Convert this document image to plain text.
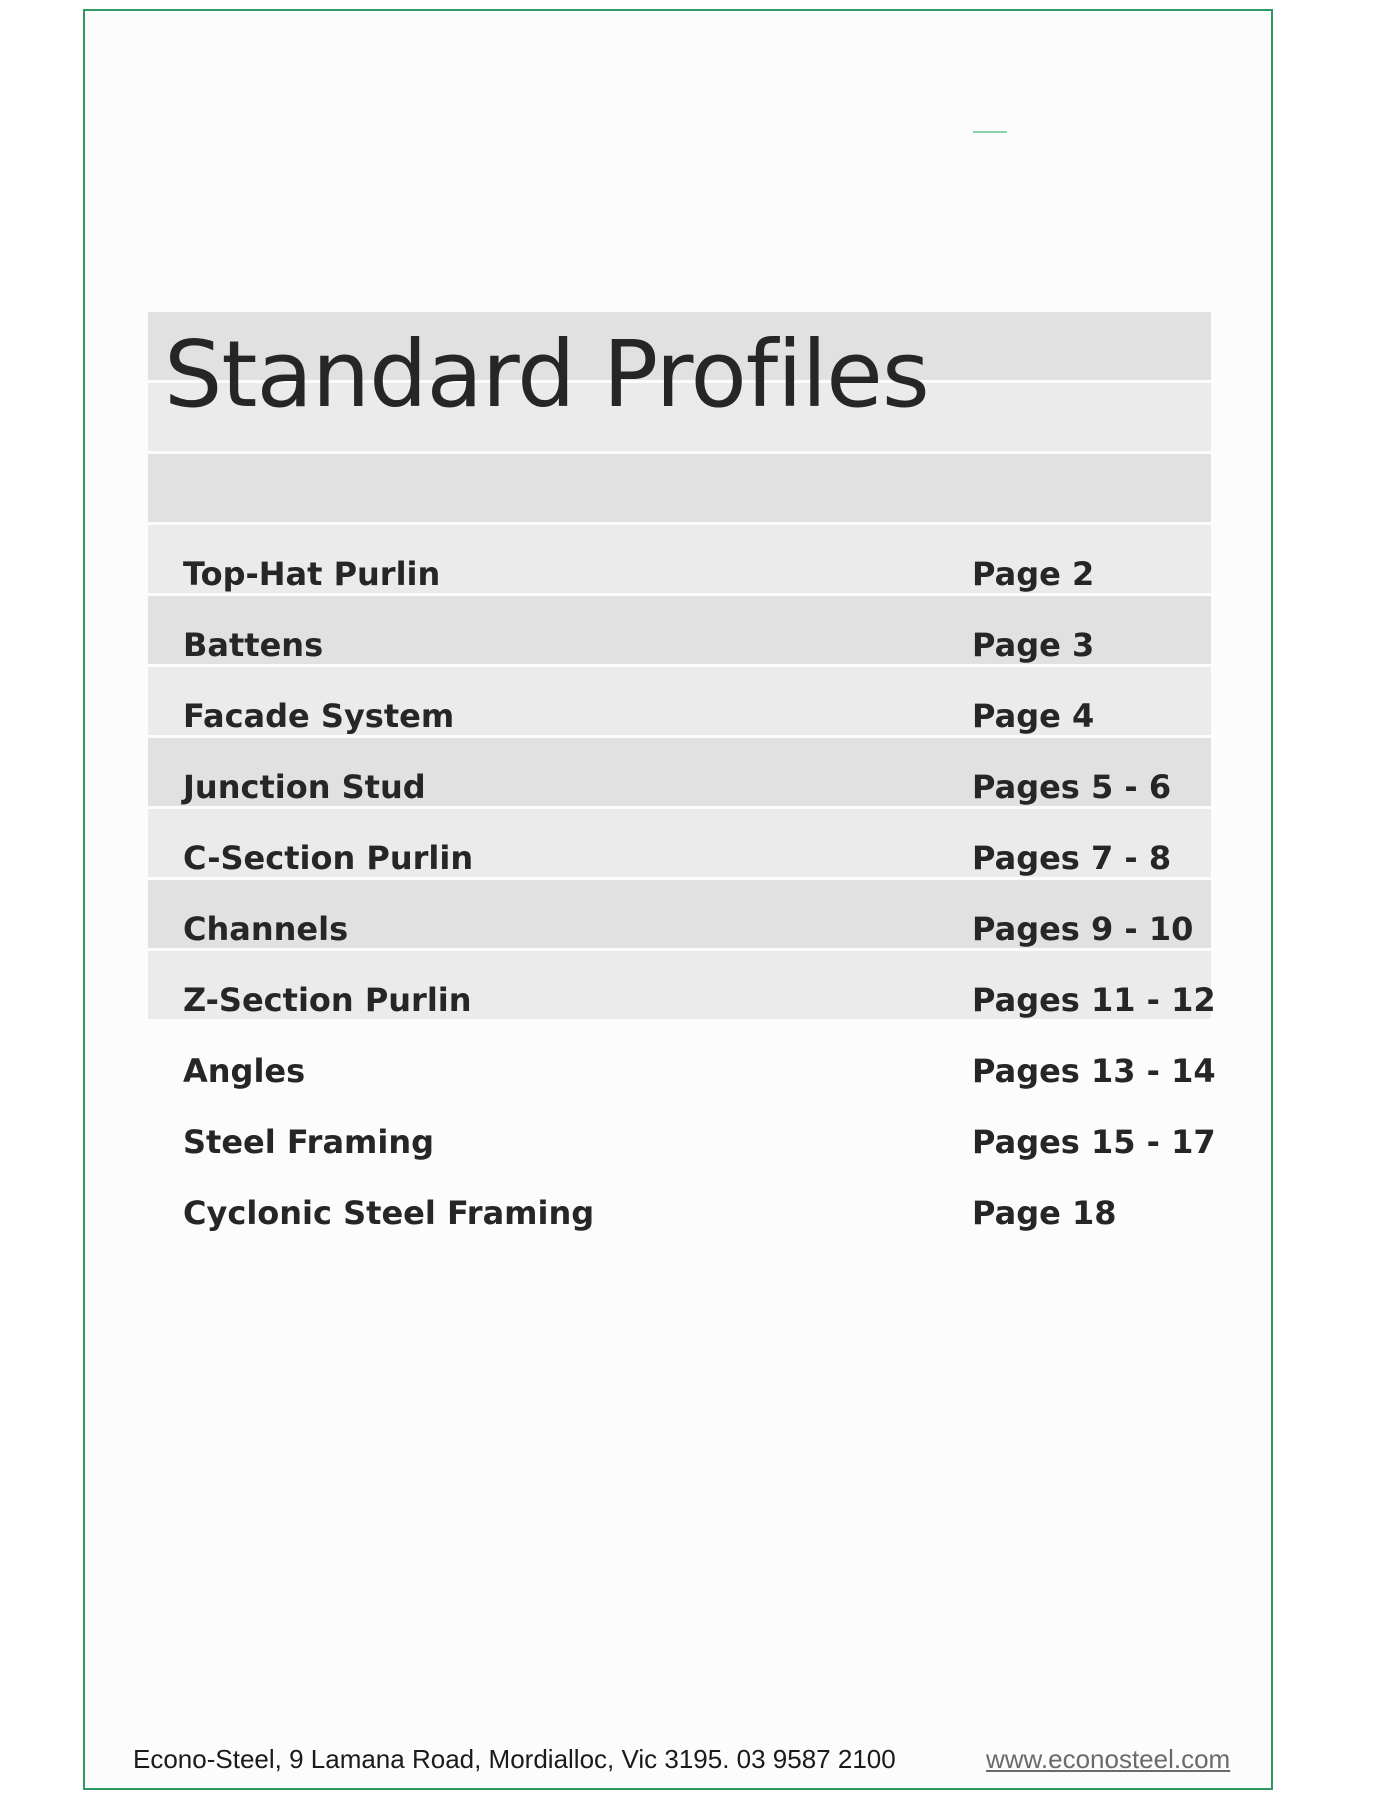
Standard Profiles
Top-Hat Purlin	Page 2
Battens	Page 3
Facade System	Page 4
Junction Stud	Pages 5 - 6
C-Section Purlin	Pages 7 - 8
Channels	Pages 9 - 10
Z-Section Purlin	Pages 11 - 12
Angles	Pages 13 - 14
Steel Framing	Pages 15 - 17
Cyclonic Steel Framing	Page 18
Econo-Steel, 9 Lamana Road, Mordialloc, Vic 3195. 03 9587 2100	www.econosteel.com
